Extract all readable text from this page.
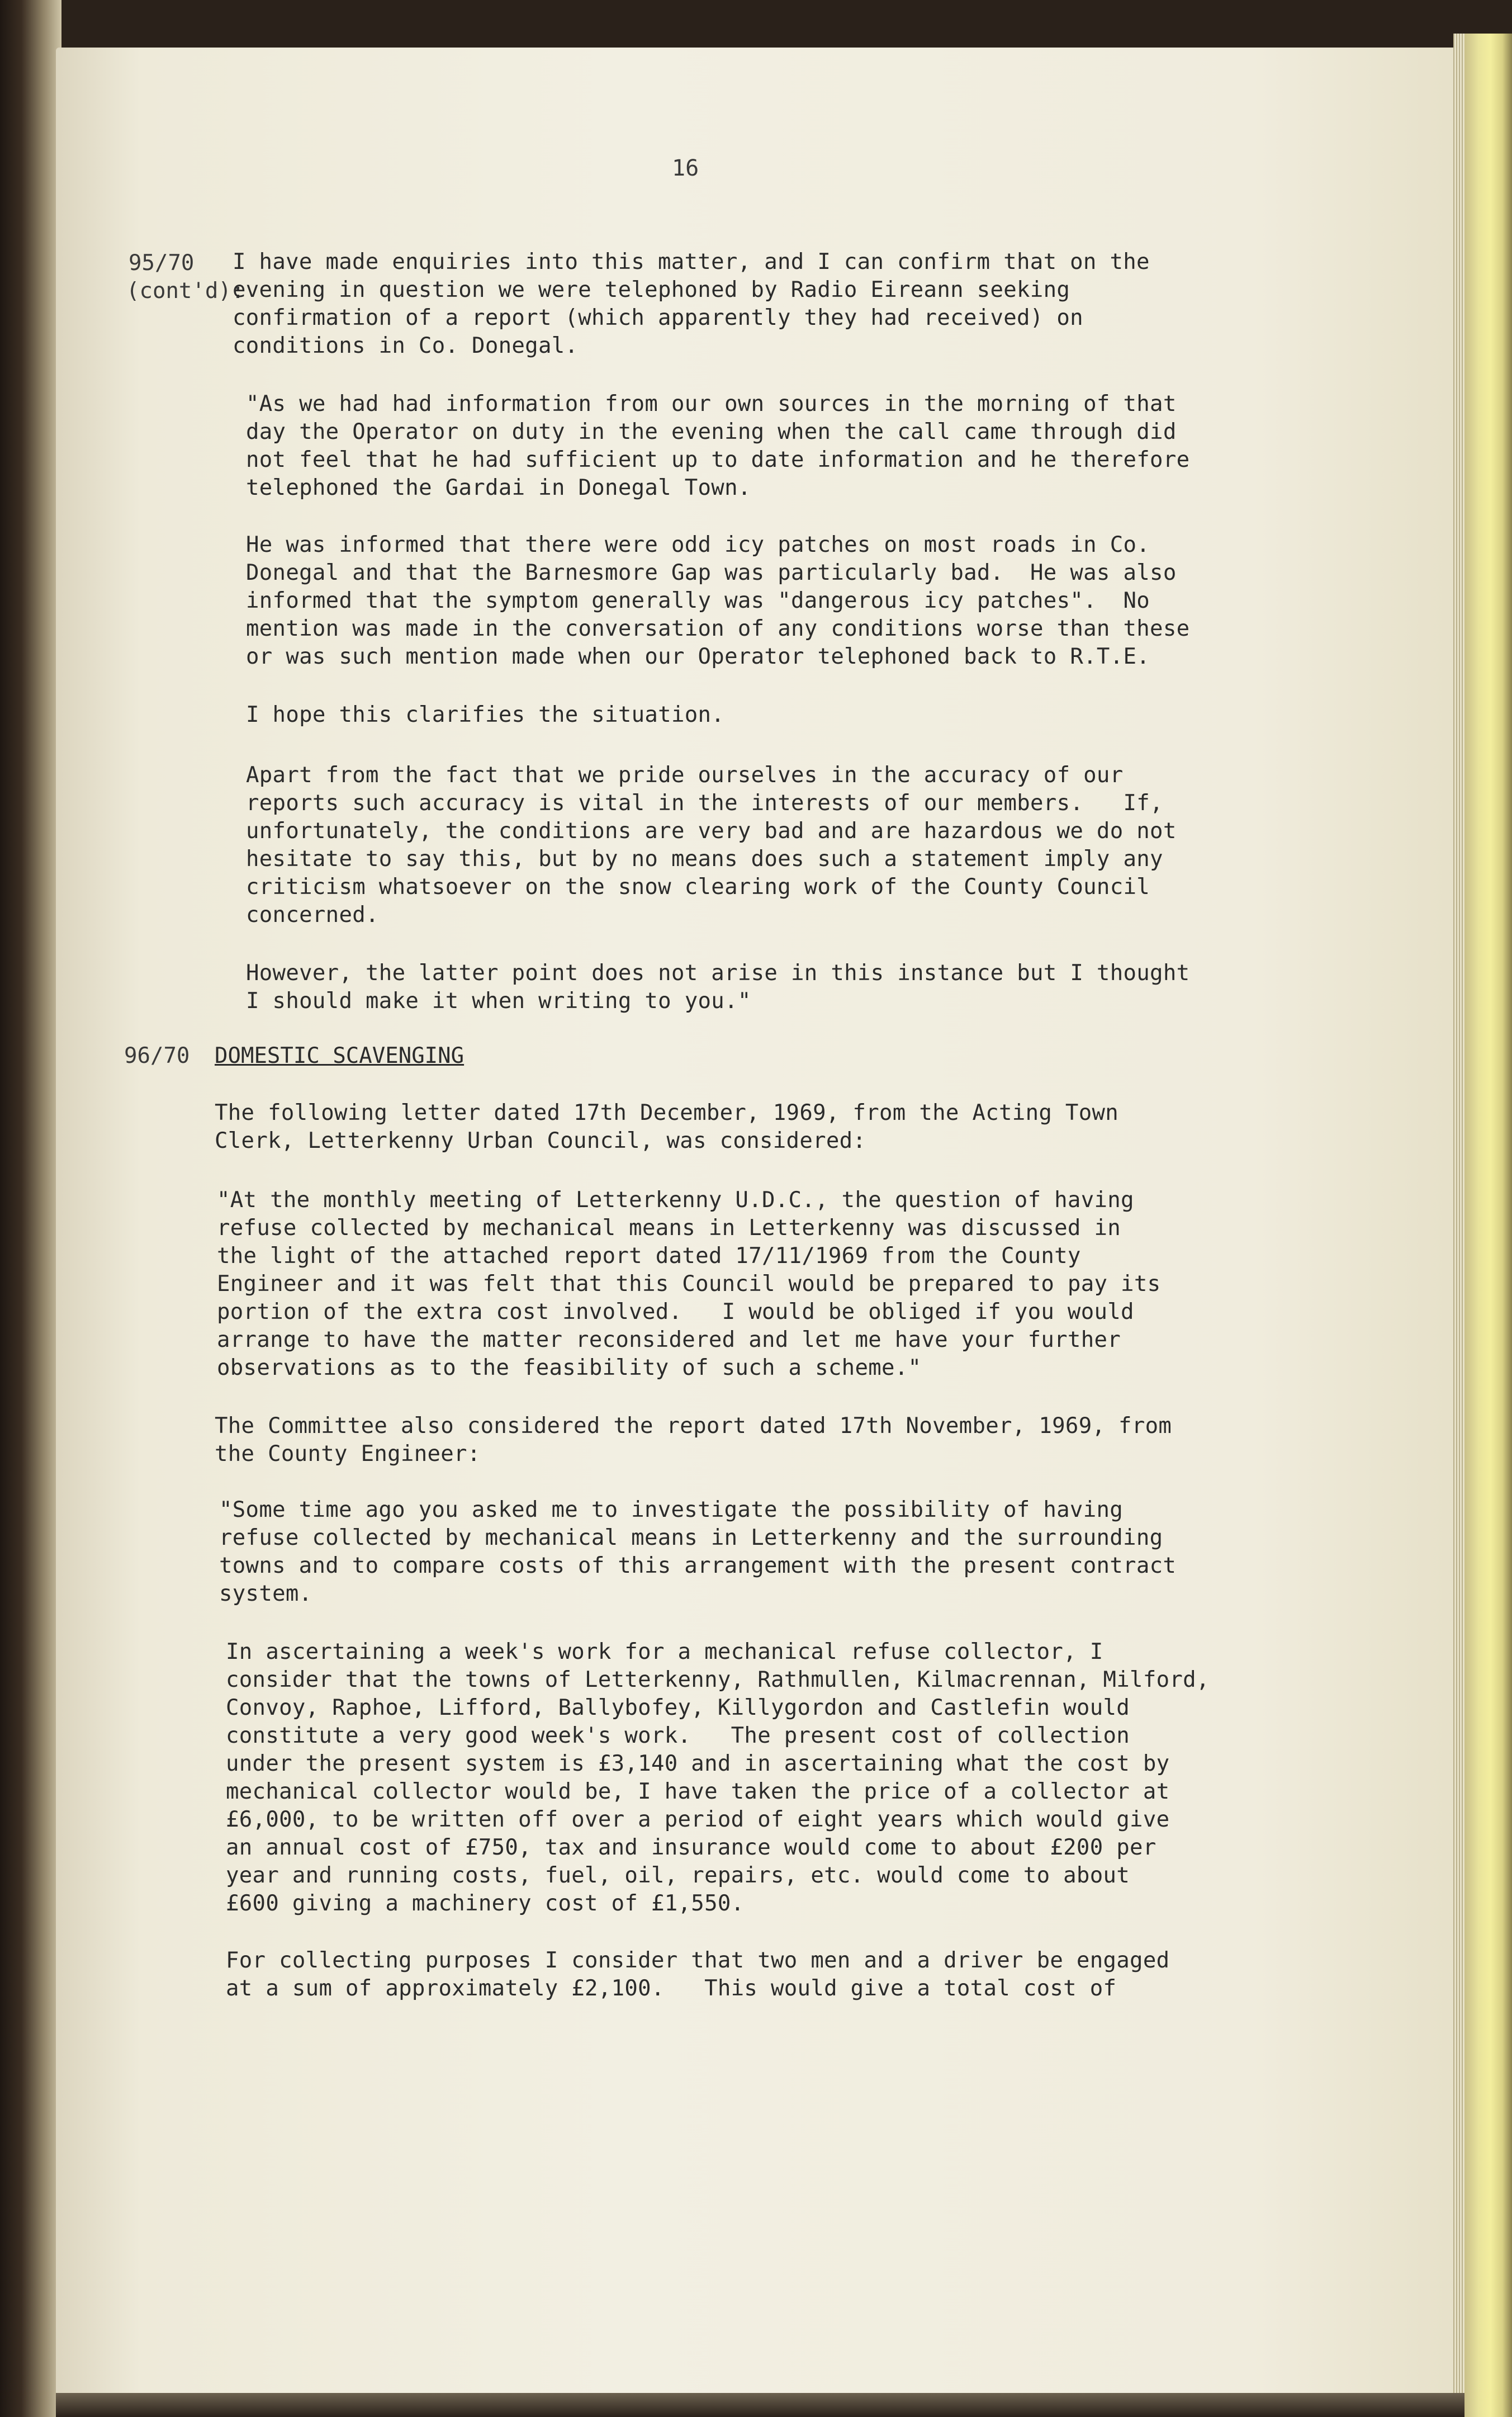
16
95/70
(cont'd):
I have made enquiries into this matter, and I can confirm that on the
evening in question we were telephoned by Radio Eireann seeking
confirmation of a report (which apparently they had received) on
conditions in Co. Donegal.
"As we had had information from our own sources in the morning of that
day the Operator on duty in the evening when the call came through did
not feel that he had sufficient up to date information and he therefore
telephoned the Gardai in Donegal Town.
He was informed that there were odd icy patches on most roads in Co.
Donegal and that the Barnesmore Gap was particularly bad.  He was also
informed that the symptom generally was "dangerous icy patches".  No
mention was made in the conversation of any conditions worse than these
or was such mention made when our Operator telephoned back to R.T.E.
I hope this clarifies the situation.
Apart from the fact that we pride ourselves in the accuracy of our
reports such accuracy is vital in the interests of our members.   If,
unfortunately, the conditions are very bad and are hazardous we do not
hesitate to say this, but by no means does such a statement imply any
criticism whatsoever on the snow clearing work of the County Council
concerned.
However, the latter point does not arise in this instance but I thought
I should make it when writing to you."
96/70 DOMESTIC SCAVENGING
The following letter dated 17th December, 1969, from the Acting Town
Clerk, Letterkenny Urban Council, was considered:
"At the monthly meeting of Letterkenny U.D.C., the question of having
refuse collected by mechanical means in Letterkenny was discussed in
the light of the attached report dated 17/11/1969 from the County
Engineer and it was felt that this Council would be prepared to pay its
portion of the extra cost involved.   I would be obliged if you would
arrange to have the matter reconsidered and let me have your further
observations as to the feasibility of such a scheme."
The Committee also considered the report dated 17th November, 1969, from
the County Engineer:
"Some time ago you asked me to investigate the possibility of having
refuse collected by mechanical means in Letterkenny and the surrounding
towns and to compare costs of this arrangement with the present contract
system.
In ascertaining a week's work for a mechanical refuse collector, I
consider that the towns of Letterkenny, Rathmullen, Kilmacrennan, Milford,
Convoy, Raphoe, Lifford, Ballybofey, Killygordon and Castlefin would
constitute a very good week's work.   The present cost of collection
under the present system is £3,140 and in ascertaining what the cost by
mechanical collector would be, I have taken the price of a collector at
£6,000, to be written off over a period of eight years which would give
an annual cost of £750, tax and insurance would come to about £200 per
year and running costs, fuel, oil, repairs, etc. would come to about
£600 giving a machinery cost of £1,550.
For collecting purposes I consider that two men and a driver be engaged
at a sum of approximately £2,100.   This would give a total cost of
